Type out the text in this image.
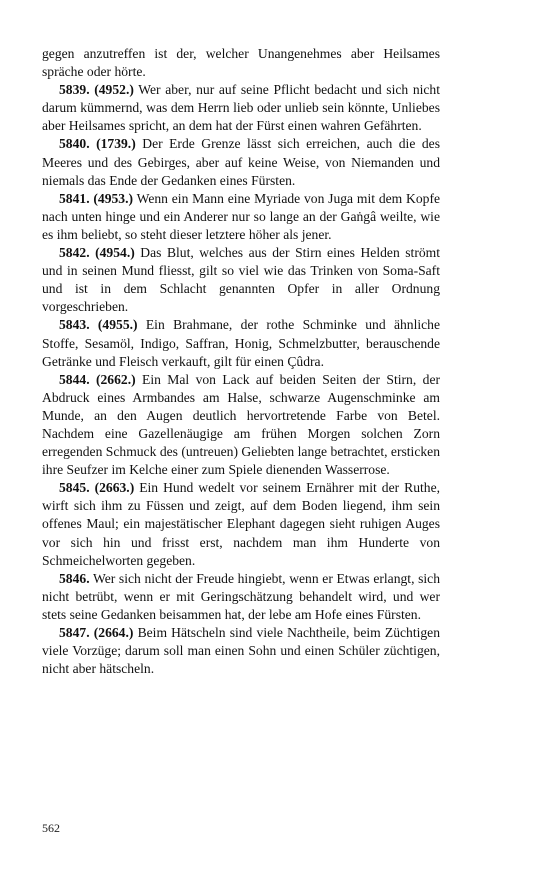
gegen anzutreffen ist der, welcher Unangenehmes aber Heilsames spräche oder hörte.

5839. (4952.) Wer aber, nur auf seine Pflicht bedacht und sich nicht darum kümmernd, was dem Herrn lieb oder unlieb sein könnte, Unliebes aber Heilsames spricht, an dem hat der Fürst einen wahren Gefährten.

5840. (1739.) Der Erde Grenze lässt sich erreichen, auch die des Meeres und des Gebirges, aber auf keine Weise, von Niemanden und niemals das Ende der Gedanken eines Fürsten.

5841. (4953.) Wenn ein Mann eine Myriade von Juga mit dem Kopfe nach unten hinge und ein Anderer nur so lange an der Gaṅgâ weilte, wie es ihm beliebt, so steht dieser letztere höher als jener.

5842. (4954.) Das Blut, welches aus der Stirn eines Helden strömt und in seinen Mund fliesst, gilt so viel wie das Trinken von Soma-Saft und ist in dem Schlacht genannten Opfer in aller Ordnung vorgeschrieben.

5843. (4955.) Ein Brahmane, der rothe Schminke und ähnliche Stoffe, Sesamöl, Indigo, Saffran, Honig, Schmelzbutter, berauschende Getränke und Fleisch verkauft, gilt für einen Çûdra.

5844. (2662.) Ein Mal von Lack auf beiden Seiten der Stirn, der Abdruck eines Armbandes am Halse, schwarze Augenschminke am Munde, an den Augen deutlich hervortretende Farbe von Betel. Nachdem eine Gazellenäugige am frühen Morgen solchen Zorn erregenden Schmuck des (untreuen) Geliebten lange betrachtet, ersticken ihre Seufzer im Kelche einer zum Spiele dienenden Wasserrose.

5845. (2663.) Ein Hund wedelt vor seinem Ernährer mit der Ruthe, wirft sich ihm zu Füssen und zeigt, auf dem Boden liegend, ihm sein offenes Maul; ein majestätischer Elephant dagegen sieht ruhigen Auges vor sich hin und frisst erst, nachdem man ihm Hunderte von Schmeichelworten gegeben.

5846. Wer sich nicht der Freude hingiebt, wenn er Etwas erlangt, sich nicht betrübt, wenn er mit Geringschätzung behandelt wird, und wer stets seine Gedanken beisammen hat, der lebe am Hofe eines Fürsten.

5847. (2664.) Beim Hätscheln sind viele Nachtheile, beim Züchtigen viele Vorzüge; darum soll man einen Sohn und einen Schüler züchtigen, nicht aber hätscheln.

562
